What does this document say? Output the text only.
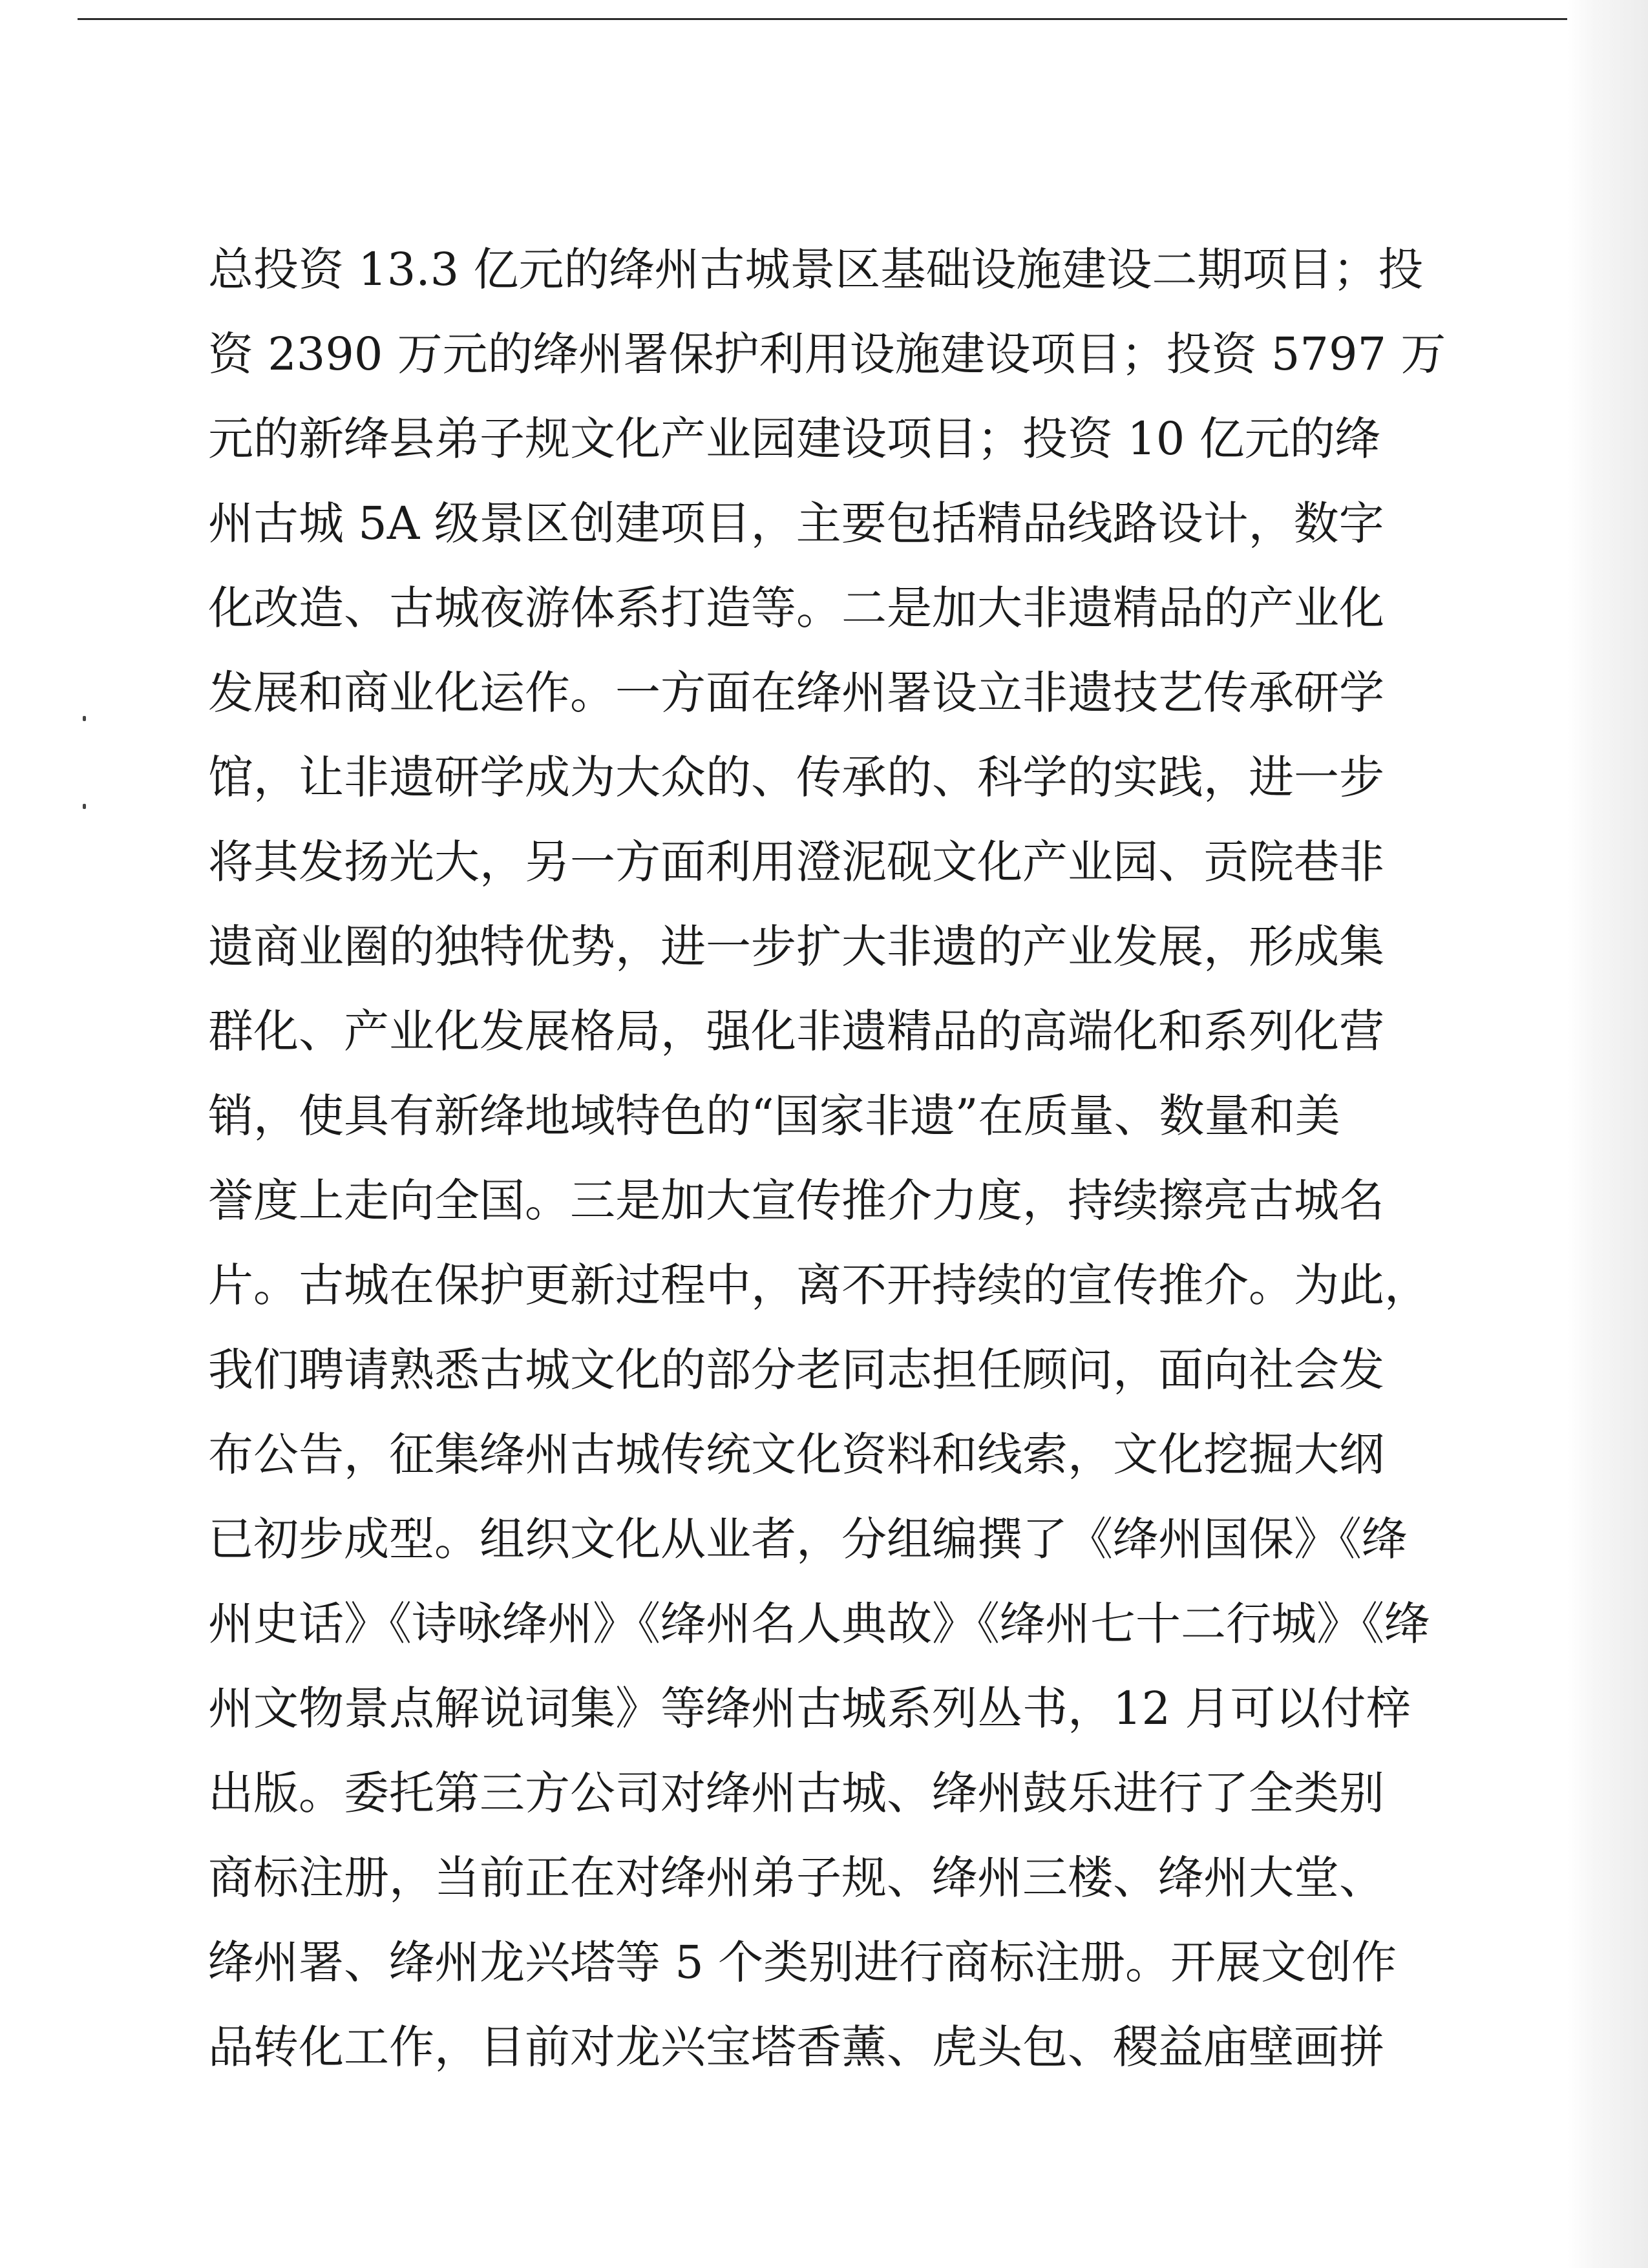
总投资 13.3 亿元的绛州古城景区基础设施建设二期项目；投
资 2390 万元的绛州署保护利用设施建设项目；投资 5797 万
元的新绛县弟子规文化产业园建设项目；投资 10 亿元的绛
州古城 5A 级景区创建项目，主要包括精品线路设计，数字
化改造、古城夜游体系打造等。二是加大非遗精品的产业化
发展和商业化运作。一方面在绛州署设立非遗技艺传承研学
馆，让非遗研学成为大众的、传承的、科学的实践，进一步
将其发扬光大，另一方面利用澄泥砚文化产业园、贡院巷非
遗商业圈的独特优势，进一步扩大非遗的产业发展，形成集
群化、产业化发展格局，强化非遗精品的高端化和系列化营
销，使具有新绛地域特色的“国家非遗”在质量、数量和美
誉度上走向全国。三是加大宣传推介力度，持续擦亮古城名
片。古城在保护更新过程中，离不开持续的宣传推介。为此，
我们聘请熟悉古城文化的部分老同志担任顾问，面向社会发
布公告，征集绛州古城传统文化资料和线索，文化挖掘大纲
已初步成型。组织文化从业者，分组编撰了《绛州国保》《绛
州史话》《诗咏绛州》《绛州名人典故》《绛州七十二行城》《绛
州文物景点解说词集》等绛州古城系列丛书，12 月可以付梓
出版。委托第三方公司对绛州古城、绛州鼓乐进行了全类别
商标注册，当前正在对绛州弟子规、绛州三楼、绛州大堂、
绛州署、绛州龙兴塔等 5 个类别进行商标注册。开展文创作
品转化工作，目前对龙兴宝塔香薰、虎头包、稷益庙壁画拼
